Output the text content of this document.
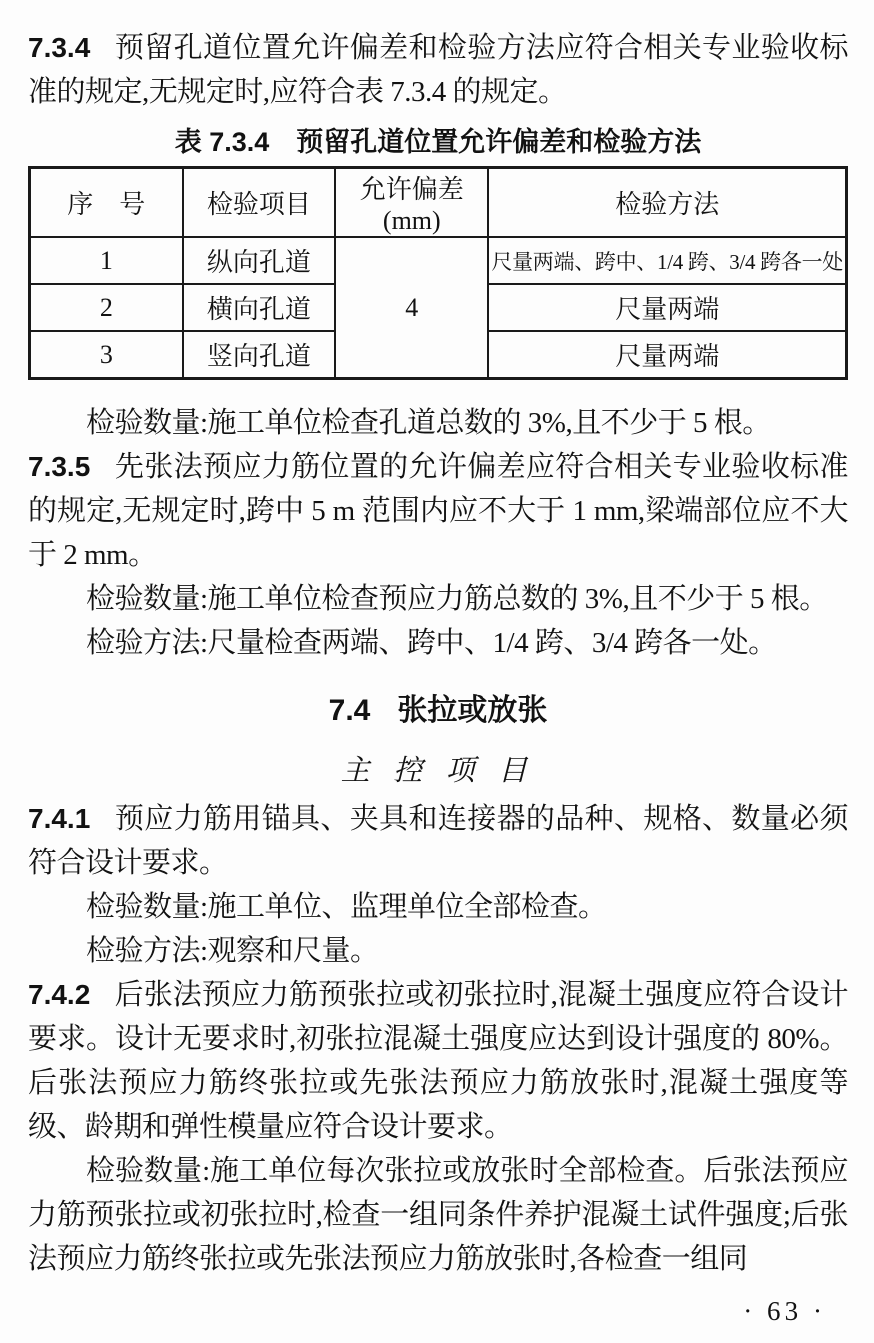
7.3.4 预留孔道位置允许偏差和检验方法应符合相关专业验收标准的规定,无规定时,应符合表 7.3.4 的规定。

表 7.3.4　预留孔道位置允许偏差和检验方法
序　号	检验项目	允许偏差(mm)	检验方法
1	纵向孔道	4	尺量两端、跨中、1/4 跨、3/4 跨各一处
2	横向孔道		尺量两端
3	竖向孔道		尺量两端

检验数量:施工单位检查孔道总数的 3%,且不少于 5 根。

7.3.5 先张法预应力筋位置的允许偏差应符合相关专业验收标准的规定,无规定时,跨中 5 m 范围内应不大于 1 mm,梁端部位应不大于 2 mm。

检验数量:施工单位检查预应力筋总数的 3%,且不少于 5 根。

检验方法:尺量检查两端、跨中、1/4 跨、3/4 跨各一处。

7.4 张拉或放张
主 控 项 目

7.4.1 预应力筋用锚具、夹具和连接器的品种、规格、数量必须符合设计要求。

检验数量:施工单位、监理单位全部检查。

检验方法:观察和尺量。

7.4.2 后张法预应力筋预张拉或初张拉时,混凝土强度应符合设计要求。设计无要求时,初张拉混凝土强度应达到设计强度的 80%。后张法预应力筋终张拉或先张法预应力筋放张时,混凝土强度等级、龄期和弹性模量应符合设计要求。

检验数量:施工单位每次张拉或放张时全部检查。后张法预应力筋预张拉或初张拉时,检查一组同条件养护混凝土试件强度;后张法预应力筋终张拉或先张法预应力筋放张时,各检查一组同

· 63 ·
